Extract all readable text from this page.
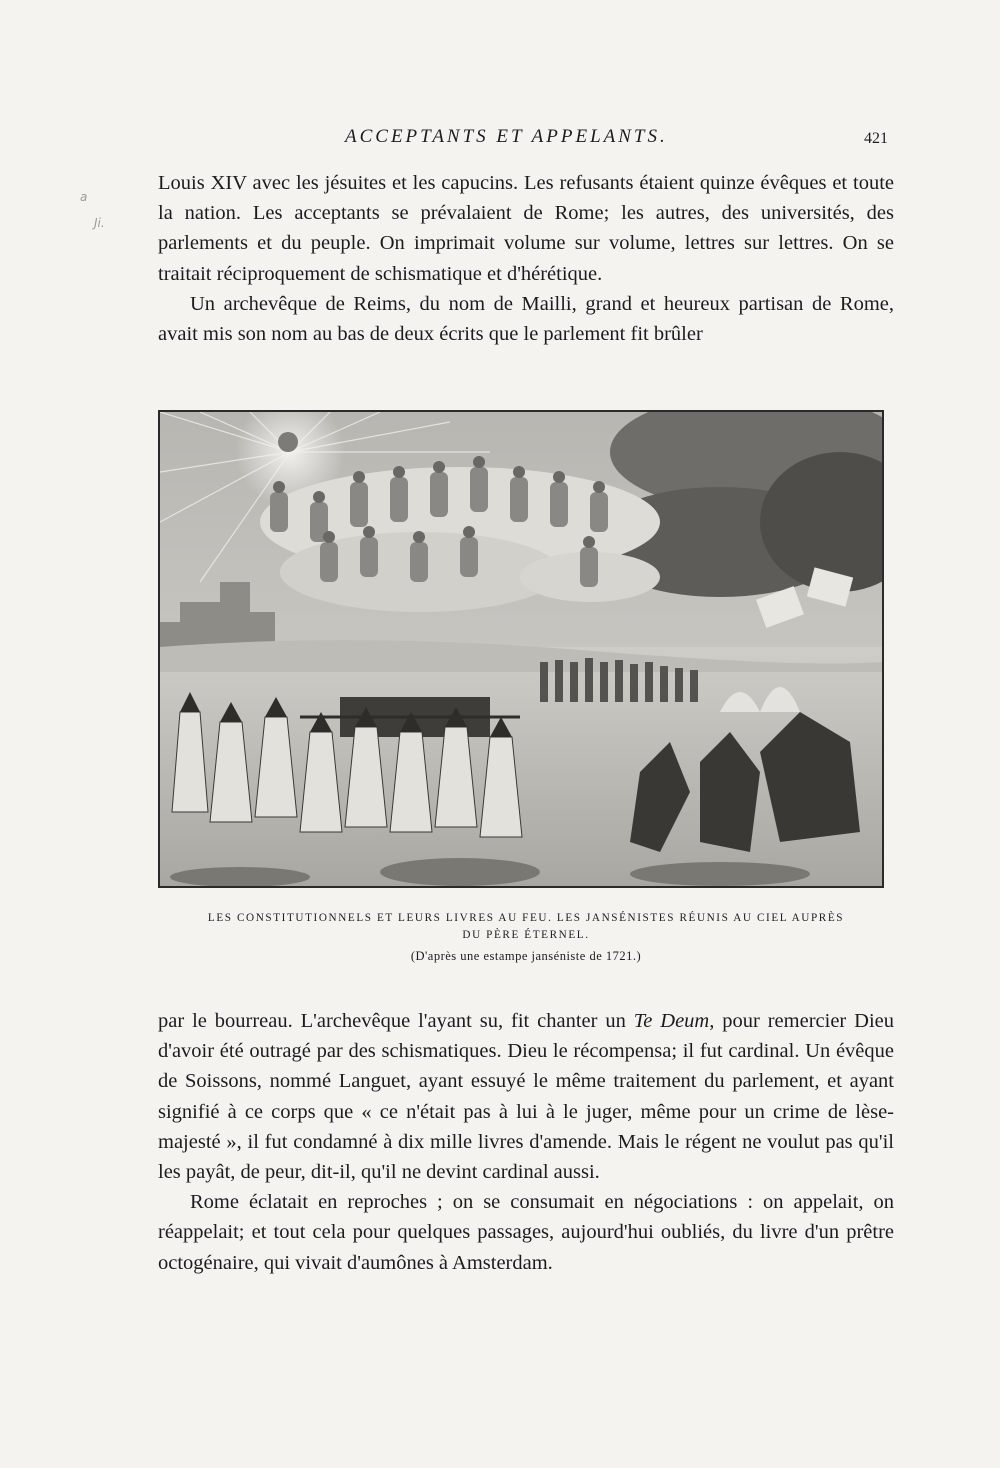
a
Ji.
ACCEPTANTS ET APPELANTS.	421

Louis XIV avec les jésuites et les capucins. Les refusants étaient quinze évêques et toute la nation. Les acceptants se prévalaient de Rome; les autres, des universités, des parlements et du peuple. On imprimait volume sur volume, lettres sur lettres. On se traitait réciproquement de schismatique et d'hérétique.

Un archevêque de Reims, du nom de Mailli, grand et heureux partisan de Rome, avait mis son nom au bas de deux écrits que le parlement fit brûler

LES CONSTITUTIONNELS ET LEURS LIVRES AU FEU. LES JANSÉNISTES RÉUNIS AU CIEL AUPRÈS

DU PÈRE ÉTERNEL.

(D'après une estampe janséniste de 1721.)

par le bourreau. L'archevêque l'ayant su, fit chanter un Te Deum, pour remercier Dieu d'avoir été outragé par des schismatiques. Dieu le récompensa; il fut cardinal. Un évêque de Soissons, nommé Languet, ayant essuyé le même traitement du parlement, et ayant signifié à ce corps que « ce n'était pas à lui à le juger, même pour un crime de lèse-majesté », il fut condamné à dix mille livres d'amende. Mais le régent ne voulut pas qu'il les payât, de peur, dit-il, qu'il ne devint cardinal aussi.

Rome éclatait en reproches ; on se consumait en négociations : on appelait, on réappelait; et tout cela pour quelques passages, aujourd'hui oubliés, du livre d'un prêtre octogénaire, qui vivait d'aumônes à Amsterdam.
